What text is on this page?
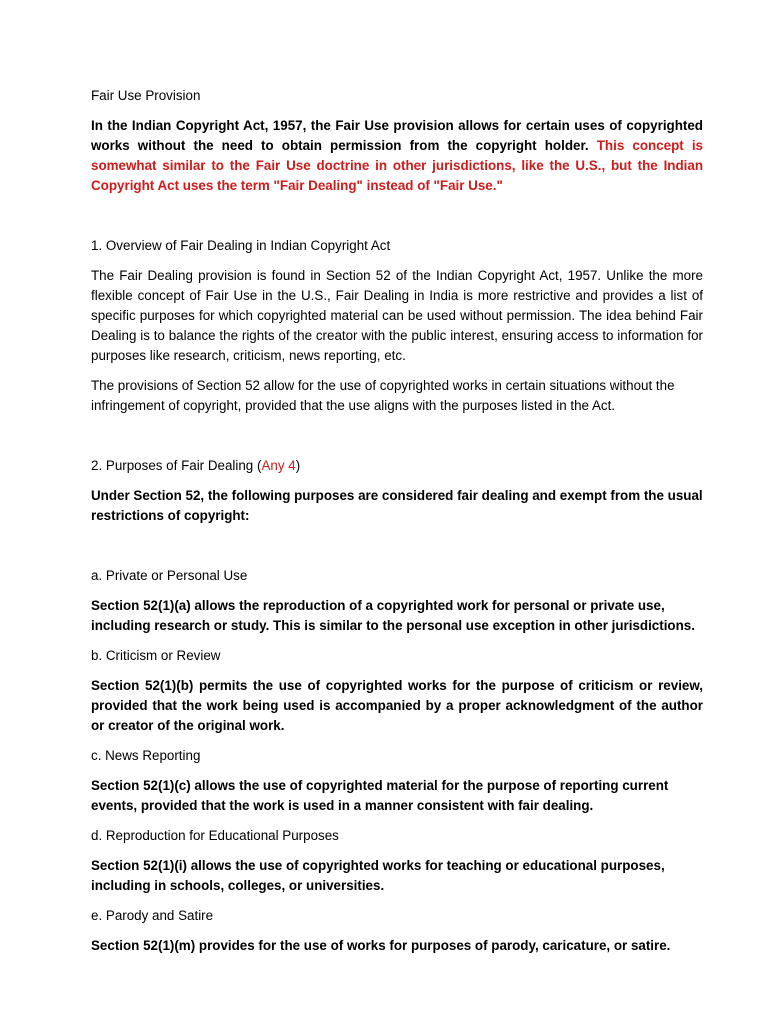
Fair Use Provision

In the Indian Copyright Act, 1957, the Fair Use provision allows for certain uses of copyrighted works without the need to obtain permission from the copyright holder. This concept is somewhat similar to the Fair Use doctrine in other jurisdictions, like the U.S., but the Indian Copyright Act uses the term "Fair Dealing" instead of "Fair Use."

1. Overview of Fair Dealing in Indian Copyright Act

The Fair Dealing provision is found in Section 52 of the Indian Copyright Act, 1957. Unlike the more flexible concept of Fair Use in the U.S., Fair Dealing in India is more restrictive and provides a list of specific purposes for which copyrighted material can be used without permission. The idea behind Fair Dealing is to balance the rights of the creator with the public interest, ensuring access to information for purposes like research, criticism, news reporting, etc.

The provisions of Section 52 allow for the use of copyrighted works in certain situations without the infringement of copyright, provided that the use aligns with the purposes listed in the Act.

2. Purposes of Fair Dealing (Any 4)

Under Section 52, the following purposes are considered fair dealing and exempt from the usual restrictions of copyright:

a. Private or Personal Use

Section 52(1)(a) allows the reproduction of a copyrighted work for personal or private use, including research or study. This is similar to the personal use exception in other jurisdictions.

b. Criticism or Review

Section 52(1)(b) permits the use of copyrighted works for the purpose of criticism or review, provided that the work being used is accompanied by a proper acknowledgment of the author or creator of the original work.

c. News Reporting

Section 52(1)(c) allows the use of copyrighted material for the purpose of reporting current events, provided that the work is used in a manner consistent with fair dealing.

d. Reproduction for Educational Purposes

Section 52(1)(i) allows the use of copyrighted works for teaching or educational purposes, including in schools, colleges, or universities.

e. Parody and Satire

Section 52(1)(m) provides for the use of works for purposes of parody, caricature, or satire.
